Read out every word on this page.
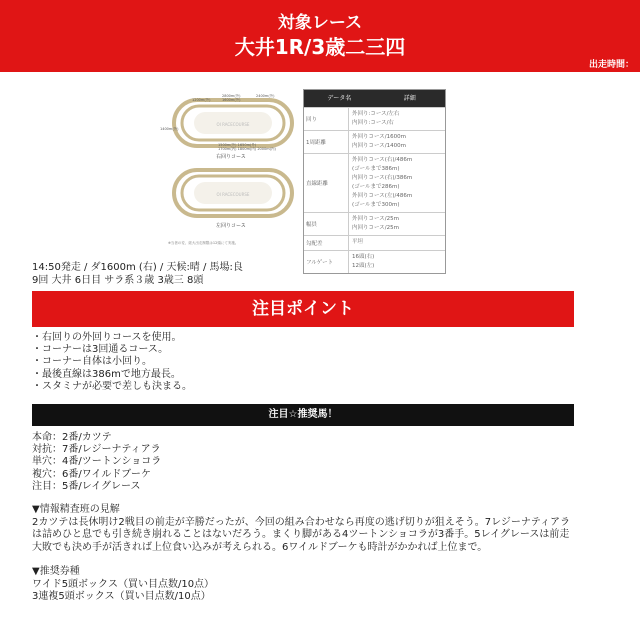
対象レース
大井1R/3歳二三四
出走時間：
2800m(外)
1600m(外)
2400m(外)
1200m(外)
OI RACECOURSE
1500m(外) 1650m(外)
1700m(内) 1800m(内) 2000m(内)
1400m(外)
右回りコース
OI RACECOURSE
左回りコース
※当者の変、総大出走制限は12頭にて実施。
データ名	詳細
回り
外回り:コース/左右
内回り:コース/右
1周距離
外回りコース/1600m
内回りコース/1400m
直線距離
外回りコース(右)/486m
(ゴールまで386m)
内回りコース(右)/386m
(ゴールまで286m)
外回りコース(左)/486m
(ゴールまで300m)
幅員
外回りコース/25m
内回りコース/25m
勾配差	平坦
フルゲート
16頭(右)
12頭(左)
14:50発走 / ダ1600m (右) / 天候:晴 / 馬場:良
9回 大井 6日目 サラ系３歳 3歳三 8頭
注目ポイント
・右回りの外回りコースを使用。
・コーナーは3回通るコース。
・コーナー自体は小回り。
・最後直線は386mで地方最長。
・スタミナが必要で差しも決まる。
注目☆推奨馬！
本命：2番/カツテ
対抗：7番/レジーナティアラ
単穴：4番/ツートンショコラ
複穴：6番/ワイルドブーケ
注目：5番/レイグレース
▼情報精査班の見解
2カツテは長休明け2戦目の前走が辛勝だったが、今回の組み合わせなら再度の逃げ切りが狙えそう。7レジーナティアラは詰めひと息でも引き続き崩れることはないだろう。まくり脚がある4ツートンショコラが3番手。5レイグレースは前走大敗でも決め手が活きれば上位食い込みが考えられる。6ワイルドブーケも時計がかかれば上位まで。
▼推奨券種
ワイド5頭ボックス（買い目点数/10点）
3連複5頭ボックス（買い目点数/10点）
